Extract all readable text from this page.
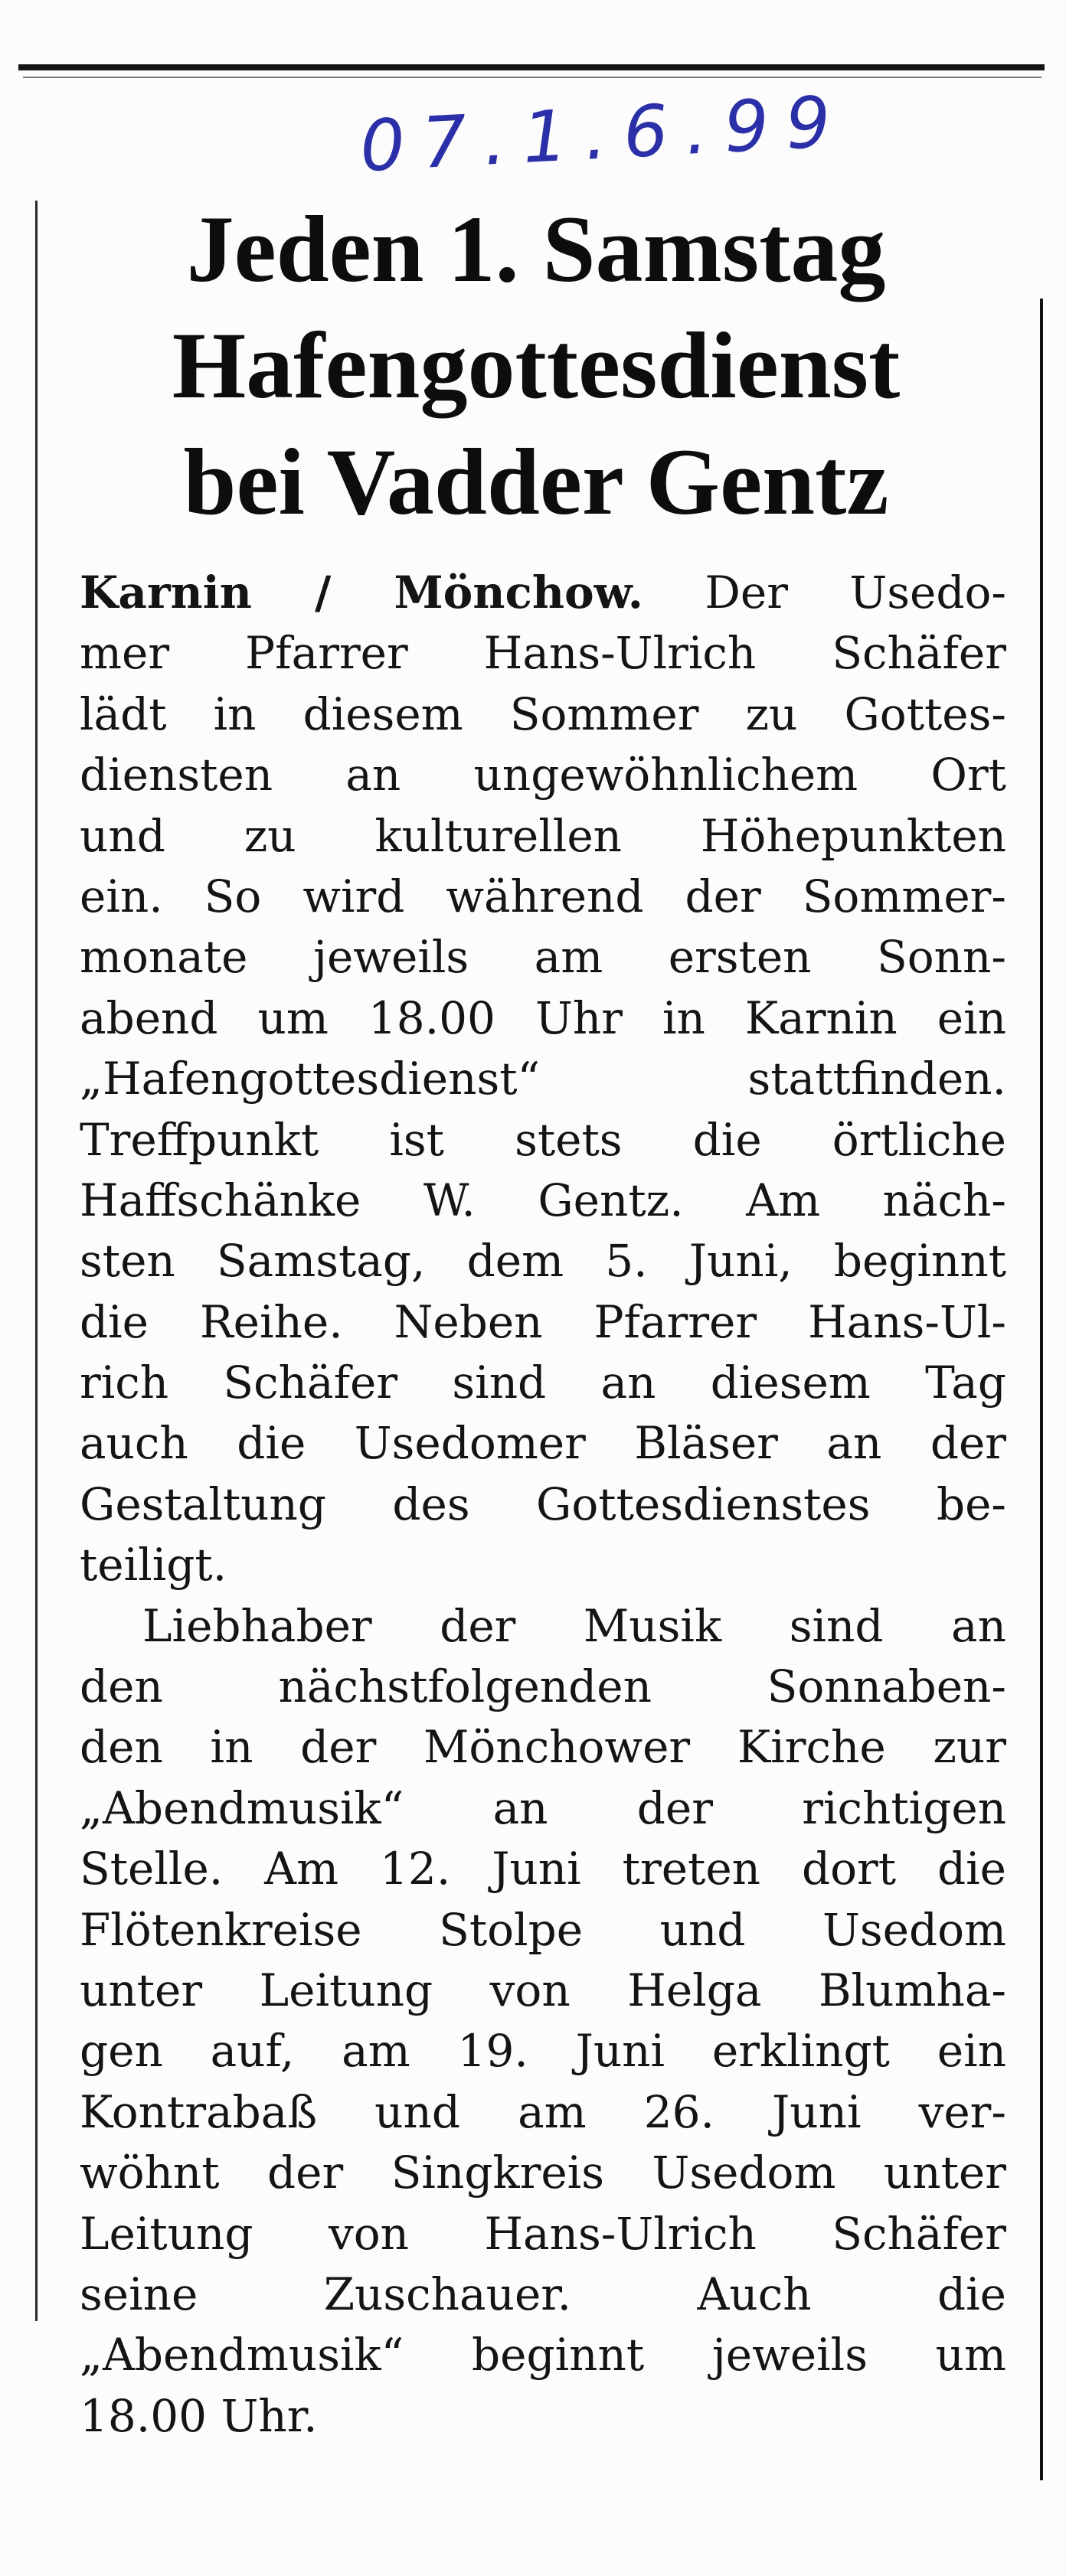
07.1.6.99
Jeden 1. Samstag
Hafengottesdienst
bei Vadder Gentz
Karnin / Mönchow. Der Usedo-
mer Pfarrer Hans-Ulrich Schäfer
lädt in diesem Sommer zu Gottes-
diensten an ungewöhnlichem Ort
und zu kulturellen Höhepunkten
ein. So wird während der Sommer-
monate jeweils am ersten Sonn-
abend um 18.00 Uhr in Karnin ein
„Hafengottesdienst“ stattfinden.
Treffpunkt ist stets die örtliche
Haffschänke W. Gentz. Am näch-
sten Samstag, dem 5. Juni, beginnt
die Reihe. Neben Pfarrer Hans-Ul-
rich Schäfer sind an diesem Tag
auch die Usedomer Bläser an der
Gestaltung des Gottesdienstes be-
teiligt.
Liebhaber der Musik sind an
den nächstfolgenden Sonnaben-
den in der Mönchower Kirche zur
„Abendmusik“ an der richtigen
Stelle. Am 12. Juni treten dort die
Flötenkreise Stolpe und Usedom
unter Leitung von Helga Blumha-
gen auf, am 19. Juni erklingt ein
Kontrabaß und am 26. Juni ver-
wöhnt der Singkreis Usedom unter
Leitung von Hans-Ulrich Schäfer
seine Zuschauer. Auch die
„Abendmusik“ beginnt jeweils um
18.00 Uhr.
